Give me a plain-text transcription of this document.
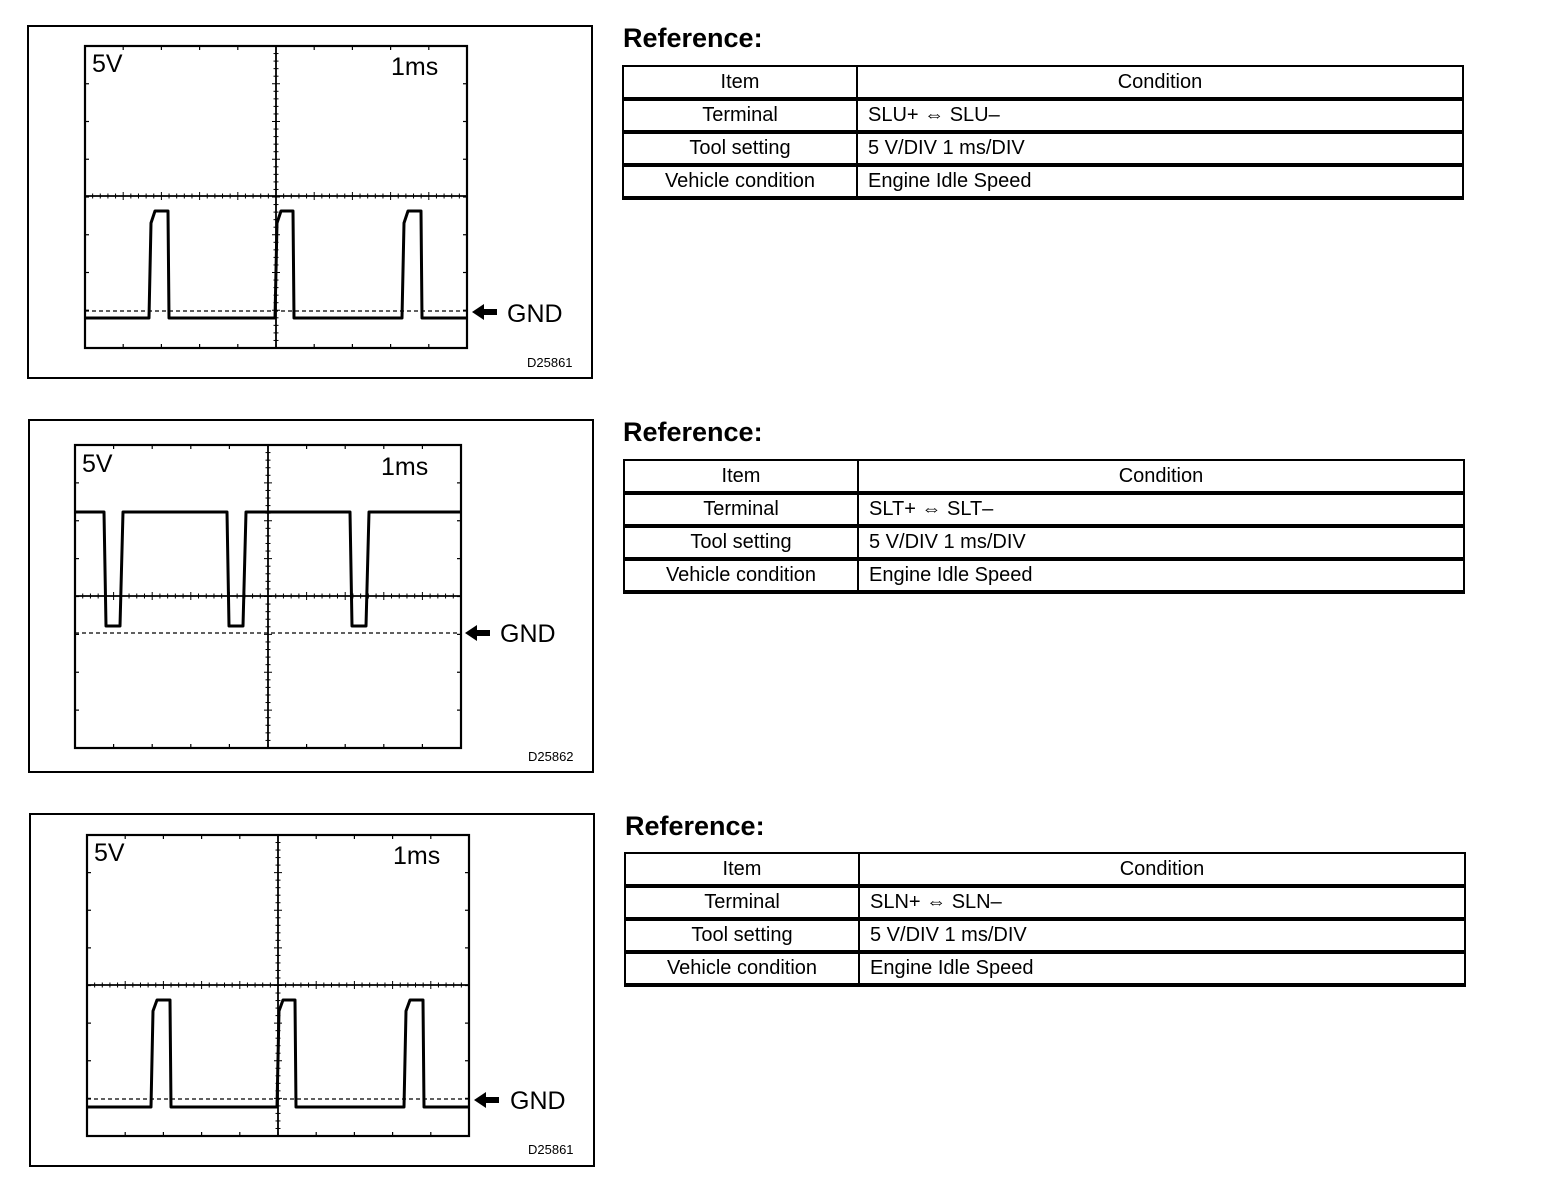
5V	1ms
GND
D25861
Reference:
Item	Condition
Terminal	SLU+ ⇔ SLU–
Tool setting	5 V/DIV 1 ms/DIV
Vehicle condition	Engine Idle Speed
5V	1ms
GND
D25862
Reference:
Item	Condition
Terminal	SLT+ ⇔ SLT–
Tool setting	5 V/DIV 1 ms/DIV
Vehicle condition	Engine Idle Speed
5V	1ms
GND
D25861
Reference:
Item	Condition
Terminal	SLN+ ⇔ SLN–
Tool setting	5 V/DIV 1 ms/DIV
Vehicle condition	Engine Idle Speed
